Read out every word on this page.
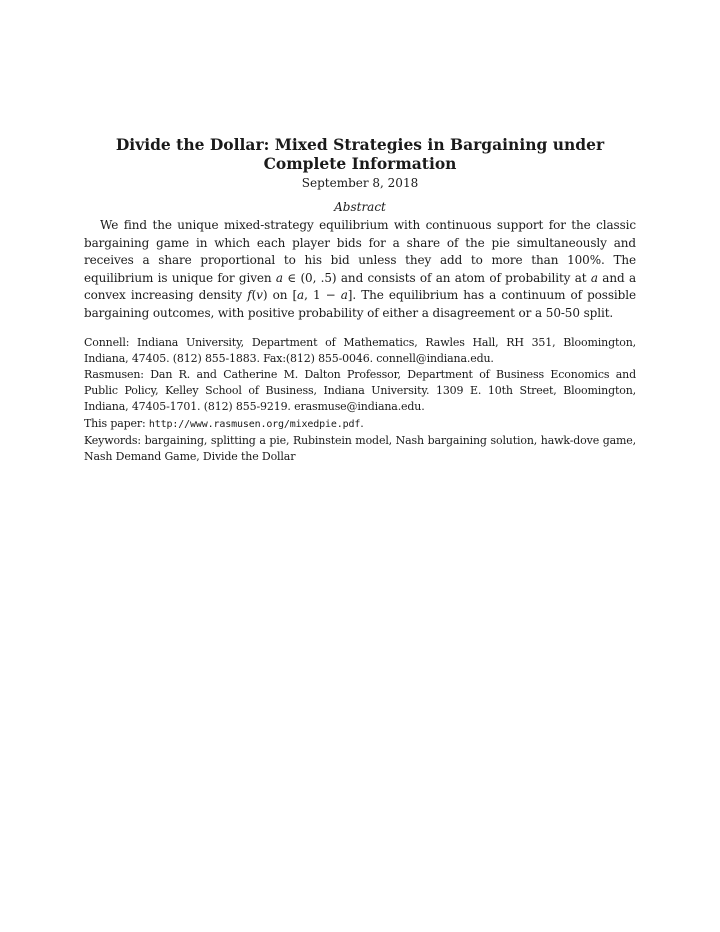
Divide the Dollar: Mixed Strategies in Bargaining under
Complete Information
September 8, 2018
Abstract

We find the unique mixed-strategy equilibrium with continuous support for the classic bargaining game in which each player bids for a share of the pie simultaneously and receives a share proportional to his bid unless they add to more than 100%. The equilibrium is unique for given a ∈ (0, .5) and consists of an atom of probability at a and a convex increasing density f(v) on [a, 1 − a]. The equilibrium has a continuum of possible bargaining outcomes, with positive probability of either a disagreement or a 50-50 split.

Connell: Indiana University, Department of Mathematics, Rawles Hall, RH 351, Bloomington, Indiana, 47405. (812) 855-1883. Fax:(812) 855-0046. connell@indiana.edu.

Rasmusen: Dan R. and Catherine M. Dalton Professor, Department of Business Economics and Public Policy, Kelley School of Business, Indiana University. 1309 E. 10th Street, Bloomington, Indiana, 47405-1701. (812) 855-9219. erasmuse@indiana.edu.

This paper: http://www.rasmusen.org/mixedpie.pdf.

Keywords: bargaining, splitting a pie, Rubinstein model, Nash bargaining solution, hawk-dove game, Nash Demand Game, Divide the Dollar
